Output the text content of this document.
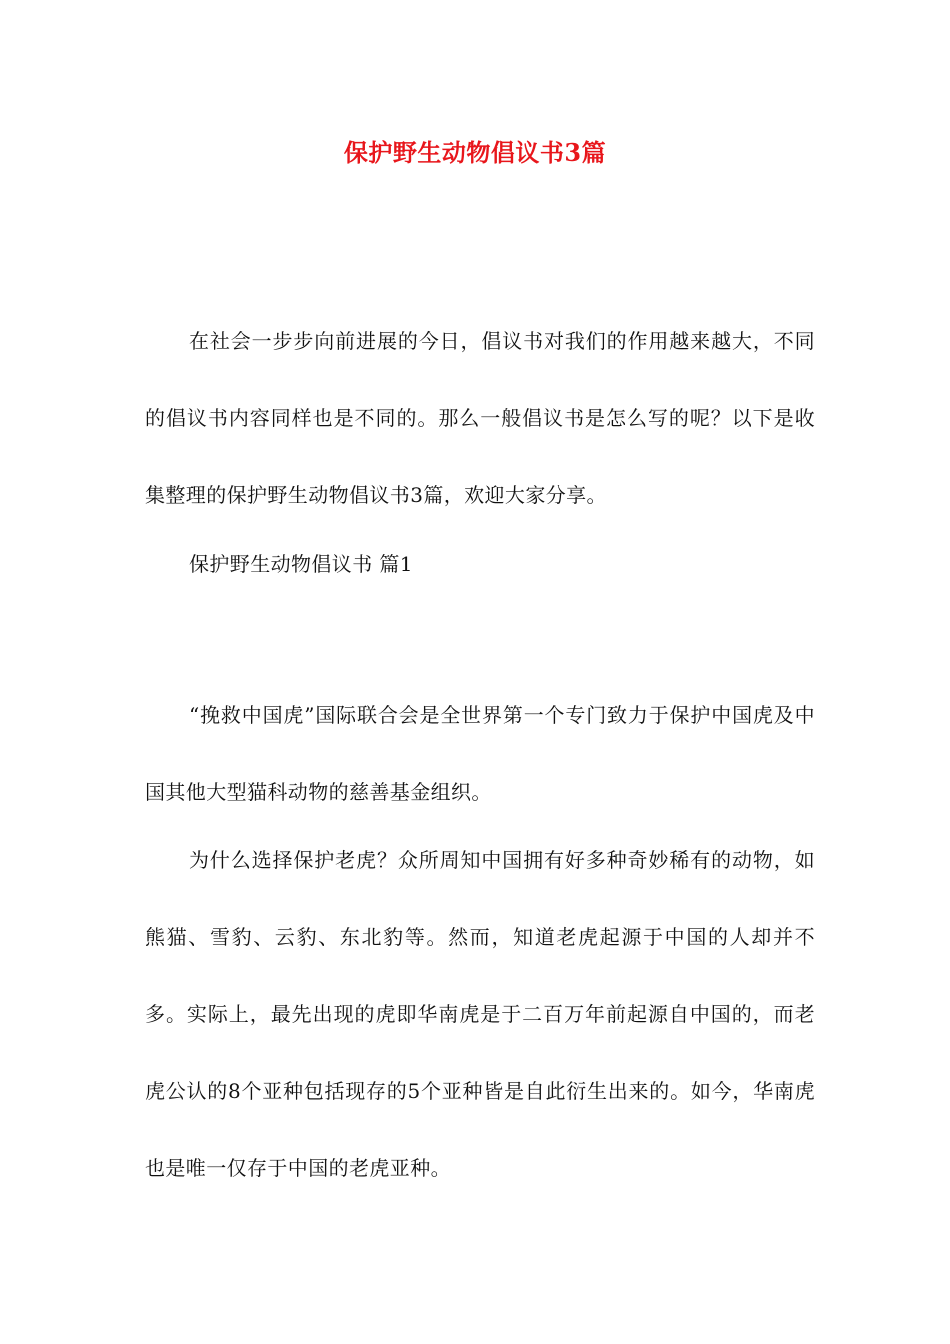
保护野生动物倡议书3篇

在社会一步步向前进展的今日，倡议书对我们的作用越来越大，不同的倡议书内容同样也是不同的。那么一般倡议书是怎么写的呢？以下是收集整理的保护野生动物倡议书3篇，欢迎大家分享。

保护野生动物倡议书 篇1

“挽救中国虎”国际联合会是全世界第一个专门致力于保护中国虎及中国其他大型猫科动物的慈善基金组织。

为什么选择保护老虎？众所周知中国拥有好多种奇妙稀有的动物，如熊猫、雪豹、云豹、东北豹等。然而，知道老虎起源于中国的人却并不多。实际上，最先出现的虎即华南虎是于二百万年前起源自中国的，而老虎公认的8个亚种包括现存的5个亚种皆是自此衍生出来的。如今，华南虎也是唯一仅存于中国的老虎亚种。
